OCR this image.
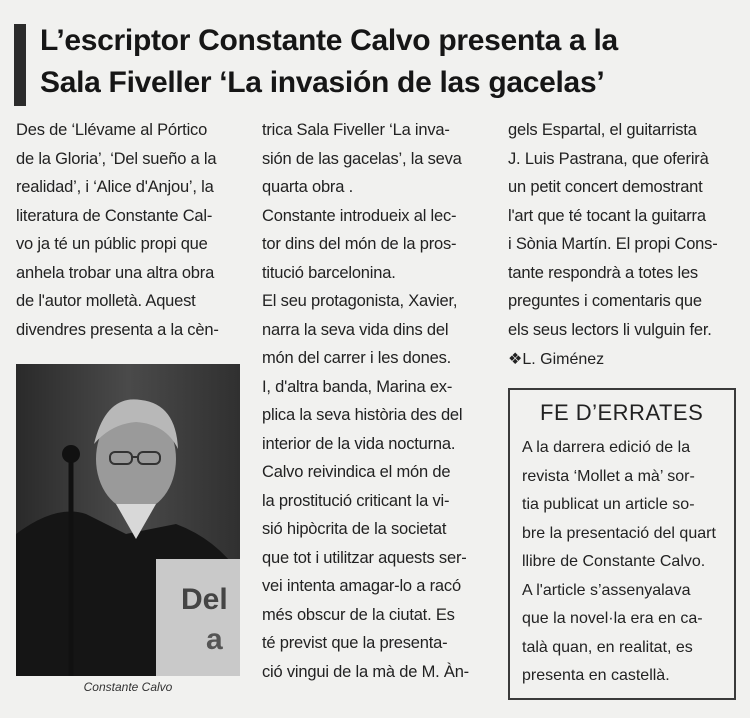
L’escriptor Constante Calvo presenta a la
Sala Fiveller ‘La invasión de las gacelas’
Des de ‘Llévame al Pórtico
de la Gloria’, ‘Del sueño a la
realidad’, i ‘Alice d'Anjou’, la
literatura de Constante Cal-
vo ja té un públic propi que
anhela trobar una altra obra
de l'autor molletà. Aquest
divendres presenta a la cèn-
Del
a
Constante Calvo
trica Sala Fiveller ‘La inva-
sión de las gacelas’, la seva
quarta obra .
Constante introdueix al lec-
tor dins del món de la pros-
titució barcelonina.
El seu protagonista, Xavier,
narra la seva vida dins del
món del carrer i les dones.
I, d'altra banda, Marina ex-
plica la seva història des del
interior de la vida nocturna.
Calvo reivindica el món de
la prostitució criticant la vi-
sió hipòcrita de la societat
que tot i utilitzar aquests ser-
vei intenta amagar-lo a racó
més obscur de la ciutat. Es
té previst que la presenta-
ció vingui de la mà de M. Àn-
gels Espartal, el guitarrista
J. Luis Pastrana, que oferirà
un petit concert demostrant
l'art que té tocant la guitarra
i Sònia Martín. El propi Cons-
tante respondrà a totes les
preguntes i comentaris que
els seus lectors li vulguin fer.
❖L. Giménez
FE D’ERRATES
A la darrera edició de la
revista ‘Mollet a mà’ sor-
tia publicat un article so-
bre la presentació del quart
llibre de Constante Calvo.
A l'article s’assenyalava
que la novel·la era en ca-
talà quan, en realitat, es
presenta en castellà.
